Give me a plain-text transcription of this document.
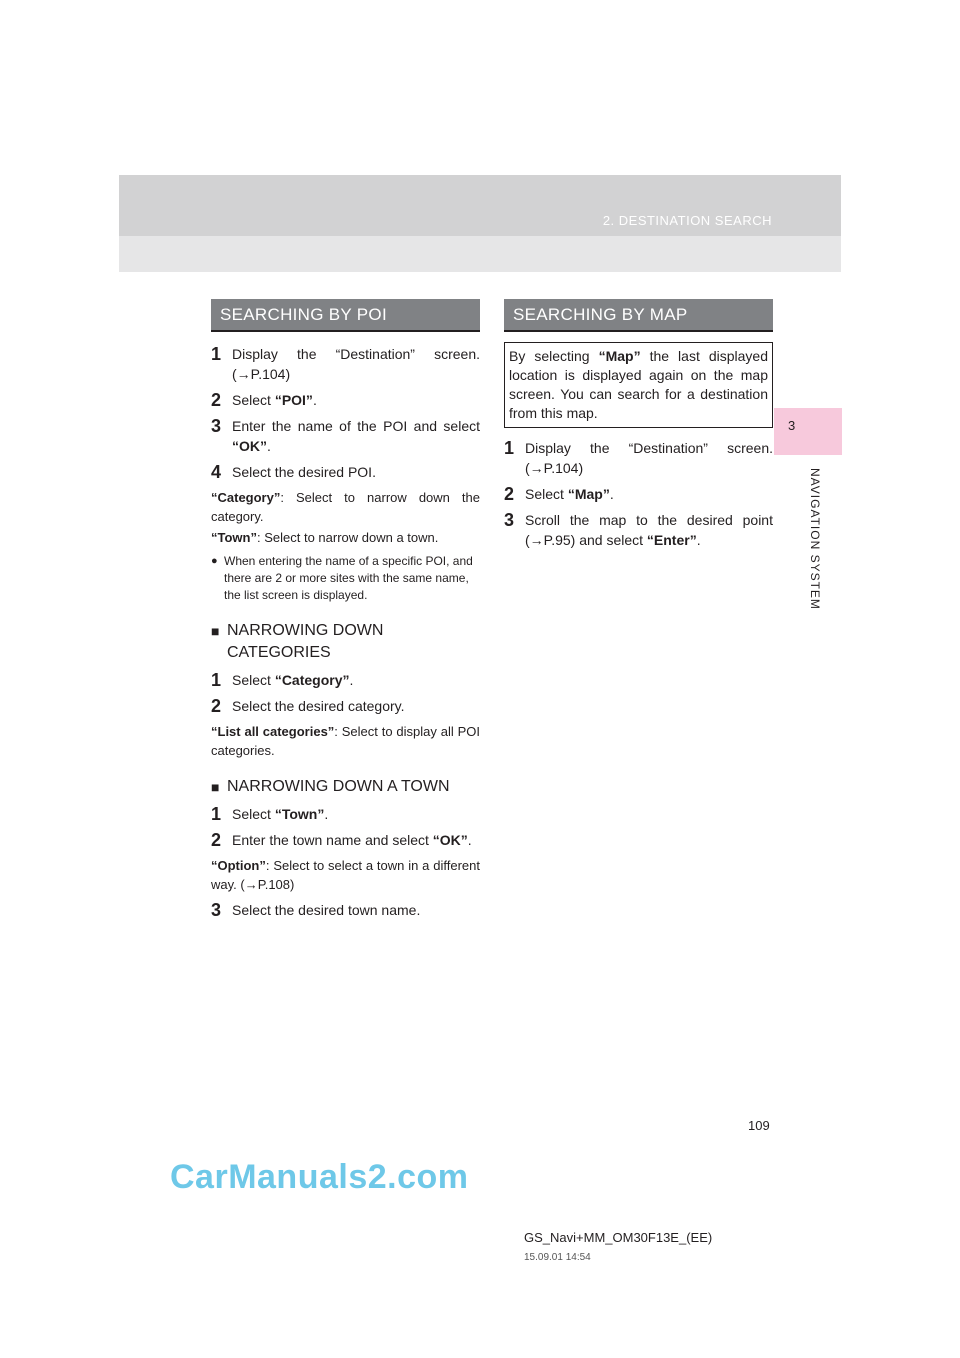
2. DESTINATION SEARCH
3
NAVIGATION SYSTEM
SEARCHING BY POI
1 Display the “Destination” screen. (→P.104)
2 Select “POI”.
3 Enter the name of the POI and select “OK”.
4 Select the desired POI.
“Category”: Select to narrow down the category.
“Town”: Select to narrow down a town.
● When entering the name of a specific POI, and there are 2 or more sites with the same name, the list screen is displayed.
■ NARROWING DOWN CATEGORIES
1 Select “Category”.
2 Select the desired category.
“List all categories”: Select to display all POI categories.
■ NARROWING DOWN A TOWN
1 Select “Town”.
2 Enter the town name and select “OK”.
“Option”: Select to select a town in a different way. (→P.108)
3 Select the desired town name.
SEARCHING BY MAP
By selecting “Map” the last displayed location is displayed again on the map screen. You can search for a destination from this map.
1 Display the “Destination” screen. (→P.104)
2 Select “Map”.
3 Scroll the map to the desired point (→P.95) and select “Enter”.
109
CarManuals2.com
GS_Navi+MM_OM30F13E_(EE)
15.09.01 14:54
